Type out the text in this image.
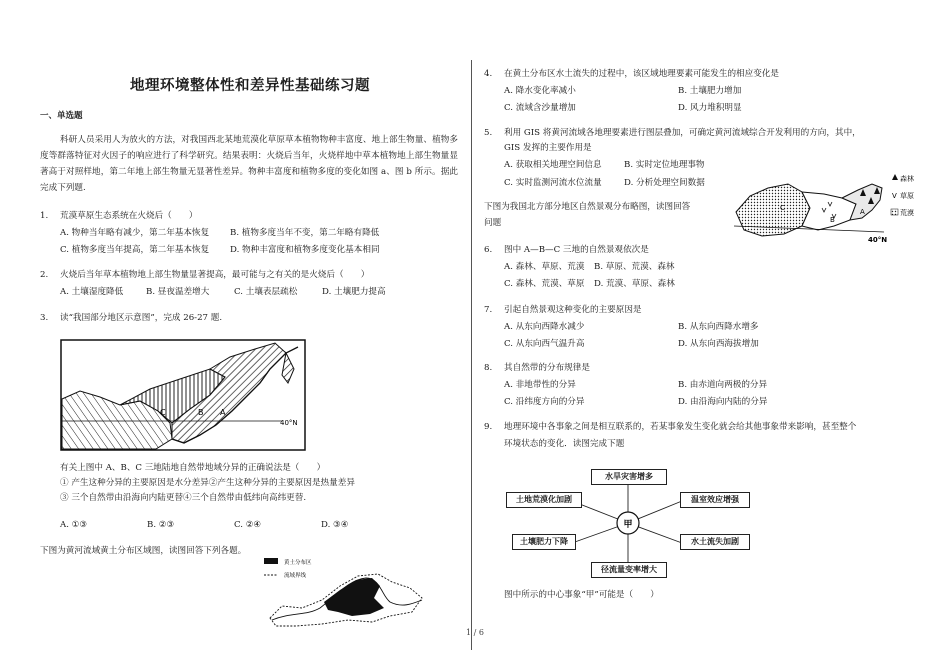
地理环境整体性和差异性基础练习题
一、单选题
科研人员采用人为放火的方法，对我国西北某地荒漠化草原草本植物物种丰富度、地上部生物量、植物多度等群落特征对火因子的响应进行了科学研究。结果表明：火烧后当年，火烧样地中草本植物地上部生物量显著高于对照样地，第二年地上部生物量无显著性差异。物种丰富度和植物多度的变化如图 a、图 b 所示。据此完成下列题.
1.	荒漠草原生态系统在火烧后（　　）
A. 物种当年略有减少，第二年基本恢复 B. 植物多度当年不变，第二年略有降低
C. 植物多度当年提高，第二年基本恢复 D. 物种丰富度和植物多度变化基本相同
2.	火烧后当年草本植物地上部生物量显著提高，最可能与之有关的是火烧后（　　）
A. 土壤湿度降低	B. 昼夜温差增大	C. 土壤表层疏松	D. 土壤肥力提高
3.	读“我国部分地区示意图”，完成 26-27 题.
C	B A
40°N
有关上图中 A、B、C 三地陆地自然带地域分异的正确说法是（　　）
① 产生这种分异的主要原因是水分差异②产生这种分异的主要原因是热量差异
③ 三个自然带由沿海向内陆更替④三个自然带由低纬向高纬更替.
A. ①③	B. ②③	C. ②④	D. ③④
下图为黄河流域黄土分布区域图，读图回答下列各题。
黄土分布区
流域界线
4.	在黄土分布区水土流失的过程中，该区域地理要素可能发生的相应变化是
A. 降水变化率减小	B. 土壤肥力增加
C. 流域含沙量增加	D. 风力堆积明显
5.	利用 GIS 将黄河流域各地理要素进行图层叠加，可确定黄河流域综合开发利用的方向，其中，
GIS 发挥的主要作用是
A. 获取相关地理空间信息	B. 实时定位地理事物
C. 实时监测河流水位流量	D. 分析处理空间数据
下图为我国北方部分地区自然景观分布略图，读图回答
问题
C
B
A
40°N
森林
V 草原
荒漠
6.	图中 A—B—C 三地的自然景观依次是
A. 森林、草原、荒漠 B. 草原、荒漠、森林
C. 森林、荒漠、草原 D. 荒漠、草原、森林
7.	引起自然景观这种变化的主要原因是
A. 从东向西降水减少	B. 从东向西降水增多
C. 从东向西气温升高	D. 从东向西海拔增加
8.	其自然带的分布规律是
A. 非地带性的分异	B. 由赤道向两极的分异
C. 沿纬度方向的分异	D. 由沿海向内陆的分异
9.	地理环境中各事象之间是相互联系的，若某事象发生变化就会给其他事象带来影响，甚至整个
环境状态的变化．读图完成下题
甲
水旱灾害增多
土地荒漠化加剧	温室效应增强
土壤肥力下降	水土流失加剧
径流量变率增大
图中所示的中心事象“甲”可能是（　　）
1 / 6
